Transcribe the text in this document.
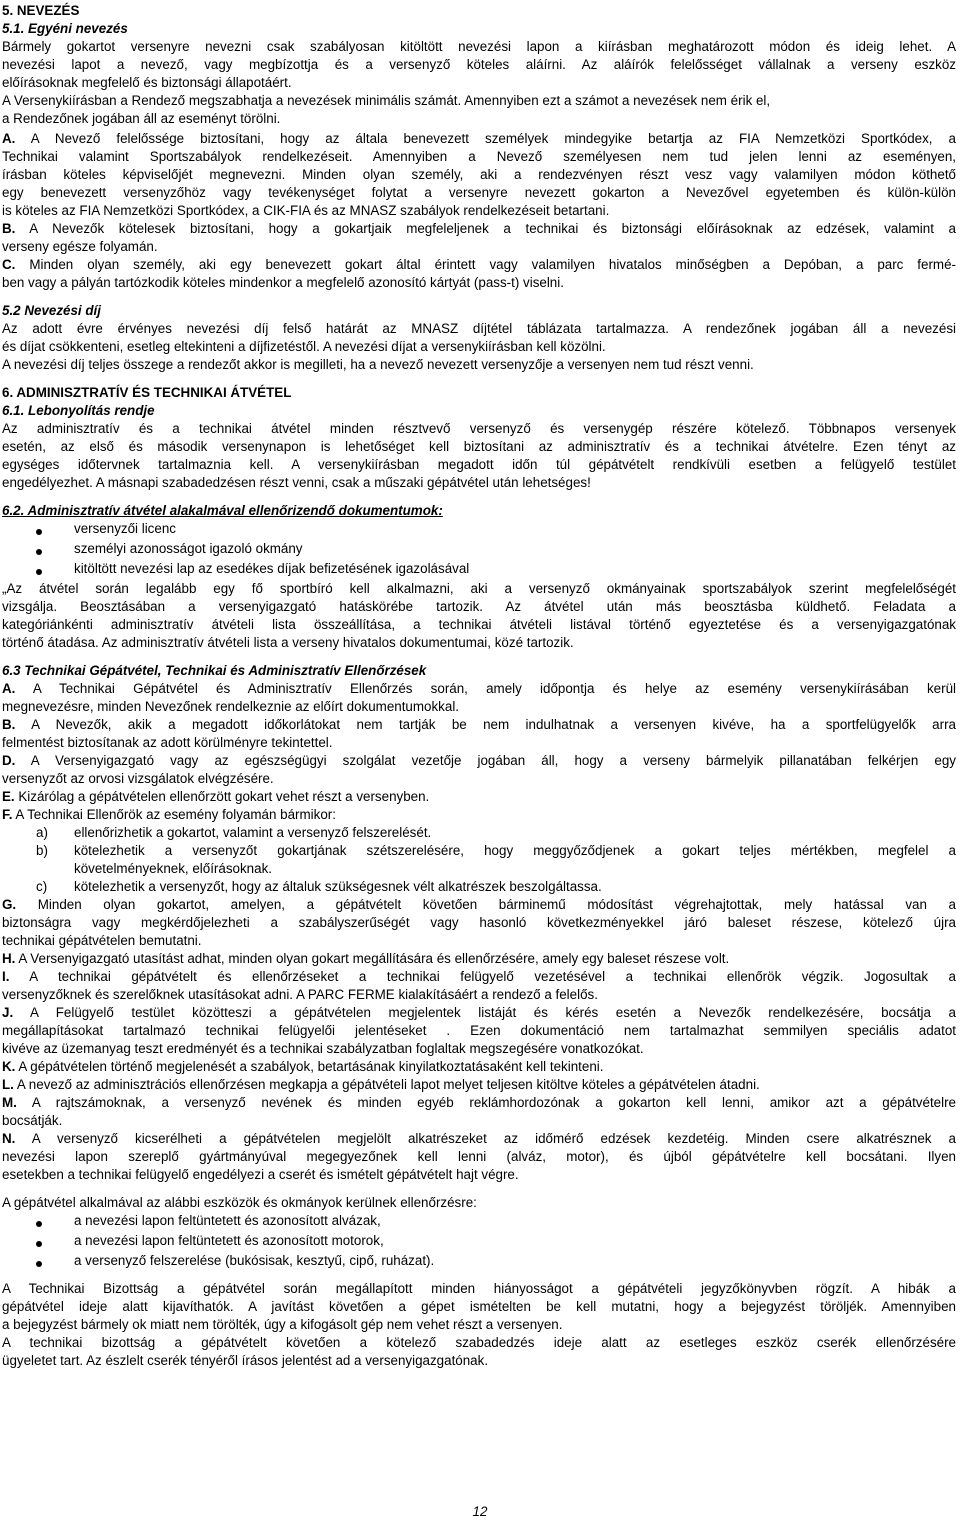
5. NEVEZÉS
5.1. Egyéni nevezés
Bármely gokartot versenyre nevezni csak szabályosan kitöltött nevezési lapon a kiírásban meghatározott módon és ideig lehet. A
nevezési lapot a nevező, vagy megbízottja és a versenyző köteles aláírni. Az aláírók felelősséget vállalnak a verseny eszköz
előírásoknak megfelelő és biztonsági állapotáért.
A Versenykiírásban a Rendező megszabhatja a nevezések minimális számát. Amennyiben ezt a számot a nevezések nem érik el,
a Rendezőnek jogában áll az eseményt törölni.
A. A Nevező felelőssége biztosítani, hogy az általa benevezett személyek mindegyike betartja az FIA Nemzetközi Sportkódex, a
Technikai valamint Sportszabályok rendelkezéseit. Amennyiben a Nevező személyesen nem tud jelen lenni az eseményen,
írásban köteles képviselőjét megnevezni. Minden olyan személy, aki a rendezvényen részt vesz vagy valamilyen módon köthető
egy benevezett versenyzőhöz vagy tevékenységet folytat a versenyre nevezett gokarton a Nevezővel egyetemben és külön-külön
is köteles az FIA Nemzetközi Sportkódex, a CIK-FIA és az MNASZ szabályok rendelkezéseit betartani.
B. A Nevezők kötelesek biztosítani, hogy a gokartjaik megfeleljenek a technikai és biztonsági előírásoknak az edzések, valamint a
verseny egésze folyamán.
C. Minden olyan személy, aki egy benevezett gokart által érintett vagy valamilyen hivatalos minőségben a Depóban, a parc fermé-
ben vagy a pályán tartózkodik köteles mindenkor a megfelelő azonosító kártyát (pass-t) viselni.
5.2 Nevezési díj
Az adott évre érvényes nevezési díj felső határát az MNASZ díjtétel táblázata tartalmazza. A rendezőnek jogában áll a nevezési
és díjat csökkenteni, esetleg eltekinteni a díjfizetéstől. A nevezési díjat a versenykiírásban kell közölni.
A nevezési díj teljes összege a rendezőt akkor is megilleti, ha a nevező nevezett versenyzője a versenyen nem tud részt venni.
6. ADMINISZTRATÍV ÉS TECHNIKAI ÁTVÉTEL
6.1. Lebonyolítás rendje
Az adminisztratív és a technikai átvétel minden résztvevő versenyző és versenygép részére kötelező. Többnapos versenyek
esetén, az első és második versenynapon is lehetőséget kell biztosítani az adminisztratív és a technikai átvételre. Ezen tényt az
egységes időtervnek tartalmaznia kell. A versenykiírásban megadott időn túl gépátvételt rendkívüli esetben a felügyelő testület
engedélyezhet. A másnapi szabadedzésen részt venni, csak a műszaki gépátvétel után lehetséges!
6.2. Adminisztratív átvétel alakalmával ellenőrizendő dokumentumok:
versenyzői licenc
személyi azonosságot igazoló okmány
kitöltött nevezési lap az esedékes díjak befizetésének igazolásával
„Az átvétel során legalább egy fő sportbíró kell alkalmazni, aki a versenyző okmányainak sportszabályok szerint megfelelőségét
vizsgálja. Beosztásában a versenyigazgató hatáskörébe tartozik. Az átvétel után más beosztásba küldhető. Feladata a
kategóriánkénti adminisztratív átvételi lista összeállítása, a technikai átvételi listával történő egyeztetése és a versenyigazgatónak
történő átadása. Az adminisztratív átvételi lista a verseny hivatalos dokumentumai, közé tartozik.
6.3 Technikai Gépátvétel, Technikai és Adminisztratív Ellenőrzések
A. A Technikai Gépátvétel és Adminisztratív Ellenőrzés során, amely időpontja és helye az esemény versenykiírásában kerül
megnevezésre, minden Nevezőnek rendelkeznie az előírt dokumentumokkal.
B. A Nevezők, akik a megadott időkorlátokat nem tartják be nem indulhatnak a versenyen kivéve, ha a sportfelügyelők arra
felmentést biztosítanak az adott körülményre tekintettel.
D. A Versenyigazgató vagy az egészségügyi szolgálat vezetője jogában áll, hogy a verseny bármelyik pillanatában felkérjen egy
versenyzőt az orvosi vizsgálatok elvégzésére.
E. Kizárólag a gépátvételen ellenőrzött gokart vehet részt a versenyben.
F. A Technikai Ellenőrök az esemény folyamán bármikor:
a)	ellenőrizhetik a gokartot, valamint a versenyző felszerelését.
b)	kötelezhetik a versenyzőt gokartjának szétszerelésére, hogy meggyőződjenek a gokart teljes mértékben, megfelel a
követelményeknek, előírásoknak.
c)	kötelezhetik a versenyzőt, hogy az általuk szükségesnek vélt alkatrészek beszolgáltassa.
G. Minden olyan gokartot, amelyen, a gépátvételt követően bárminemű módosítást végrehajtottak, mely hatással van a
biztonságra vagy megkérdőjelezheti a szabályszerűségét vagy hasonló következményekkel járó baleset részese, kötelező újra
technikai gépátvételen bemutatni.
H. A Versenyigazgató utasítást adhat, minden olyan gokart megállítására és ellenőrzésére, amely egy baleset részese volt.
I. A technikai gépátvételt és ellenőrzéseket a technikai felügyelő vezetésével a technikai ellenőrök végzik. Jogosultak a
versenyzőknek és szerelőknek utasításokat adni. A PARC FERME kialakításáért a rendező a felelős.
J. A Felügyelő testület közötteszi a gépátvételen megjelentek listáját és kérés esetén a Nevezők rendelkezésére, bocsátja a
megállapításokat tartalmazó technikai felügyelői jelentéseket . Ezen dokumentáció nem tartalmazhat semmilyen speciális adatot
kivéve az üzemanyag teszt eredményét és a technikai szabályzatban foglaltak megszegésére vonatkozókat.
K. A gépátvételen történő megjelenését a szabályok, betartásának kinyilatkoztatásaként kell tekinteni.
L. A nevező az adminisztrációs ellenőrzésen megkapja a gépátvételi lapot melyet teljesen kitöltve köteles a gépátvételen átadni.
M. A rajtszámoknak, a versenyző nevének és minden egyéb reklámhordozónak a gokarton kell lenni, amikor azt a gépátvételre
bocsátják.
N. A versenyző kicserélheti a gépátvételen megjelölt alkatrészeket az időmérő edzések kezdetéig. Minden csere alkatrésznek a
nevezési lapon szereplő gyártmányúval megegyezőnek kell lenni (alváz, motor), és újból gépátvételre kell bocsátani. Ilyen
esetekben a technikai felügyelő engedélyezi a cserét és ismételt gépátvételt hajt végre.
A gépátvétel alkalmával az alábbi eszközök és okmányok kerülnek ellenőrzésre:
a nevezési lapon feltüntetett és azonosított alvázak,
a nevezési lapon feltüntetett és azonosított motorok,
a versenyző felszerelése (bukósisak, kesztyű, cipő, ruházat).
A Technikai Bizottság a gépátvétel során megállapított minden hiányosságot a gépátvételi jegyzőkönyvben rögzít. A hibák a
gépátvétel ideje alatt kijavíthatók. A javítást követően a gépet ismételten be kell mutatni, hogy a bejegyzést töröljék. Amennyiben
a bejegyzést bármely ok miatt nem törölték, úgy a kifogásolt gép nem vehet részt a versenyen.
A technikai bizottság a gépátvételt követően a kötelező szabadedzés ideje alatt az esetleges eszköz cserék ellenőrzésére
ügyeletet tart. Az észlelt cserék tényéről írásos jelentést ad a versenyigazgatónak.
12
